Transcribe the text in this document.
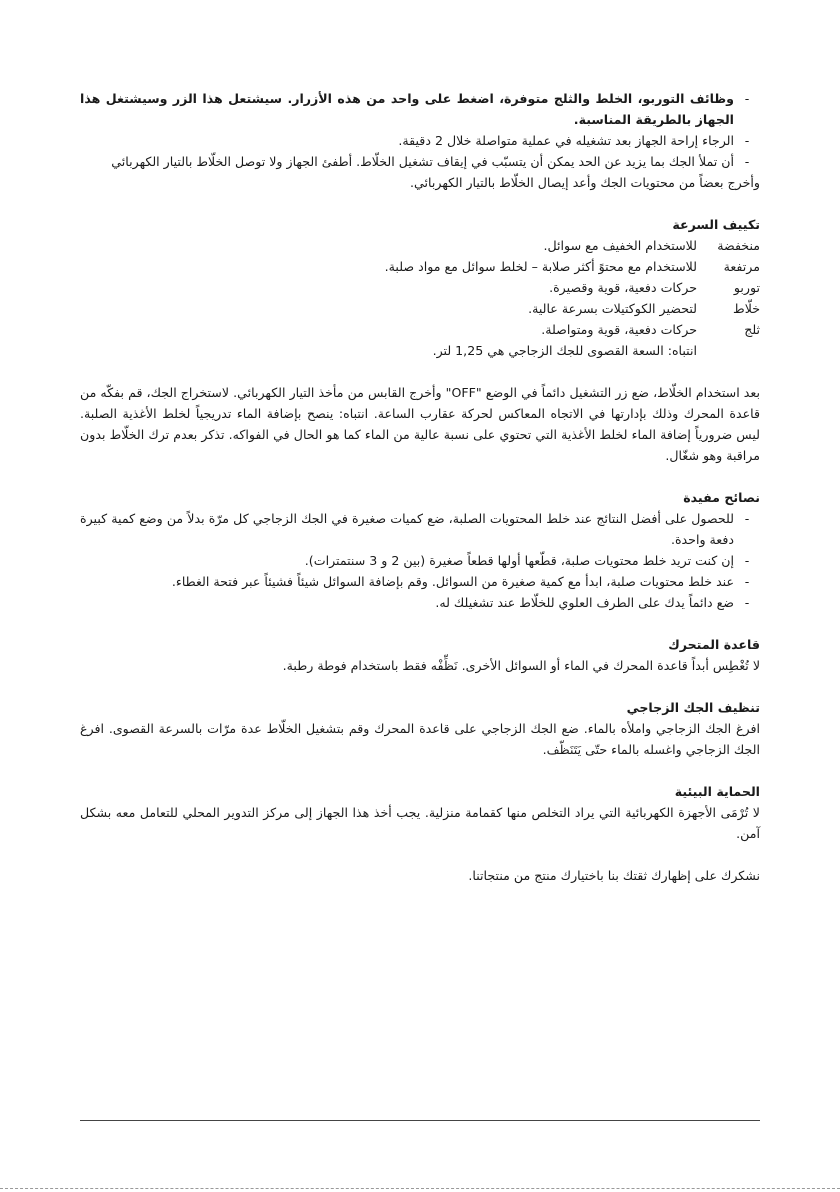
-
وظائف التوربو، الخلط والثلج متوفرة، اضغط على واحد من هذه الأزرار. سيشتعل هذا الزر وسيشتغل هذا الجهاز بالطريقة المناسبة.
-
الرجاء إراحة الجهاز بعد تشغيله في عملية متواصلة خلال 2 دقيقة.
-
أن تملأ الجك بما يزيد عن الحد يمكن أن يتسبّب في إيقاف تشغيل الخلّاط. أطفئ الجهاز ولا توصل الخلّاط بالتيار الكهربائي

وأخرج بعضاً من محتويات الجك وأعد إيصال الخلّاط بالتيار الكهربائي.

تكييف السرعة

منخفضة
للاستخدام الخفيف مع سوائل.
مرتفعة
للاستخدام مع محتوً أكثر صلابة – لخلط سوائل مع مواد صلبة.
توربو
حركات دفعية، قوية وقصيرة.
خلّاط
لتحضير الكوكتيلات بسرعة عالية.
ثلج
حركات دفعية، قوية ومتواصلة.
انتباه: السعة القصوى للجك الزجاجي هي 1,25 لتر.

بعد استخدام الخلّاط، ضع زر التشغيل دائماً في الوضع "OFF" وأخرج القابس من مأخذ التيار الكهربائي. لاستخراج الجك، قم بفكّه من قاعدة المحرك وذلك بإدارتها في الاتجاه المعاكس لحركة عقارب الساعة. انتباه: ينصح بإضافة الماء تدريجياً لخلط الأغذية الصلبة. ليس ضرورياً إضافة الماء لخلط الأغذية التي تحتوي على نسبة عالية من الماء كما هو الحال في الفواكه. تذكر بعدم ترك الخلّاط بدون مراقبة وهو شغّال.

نصائح مفيدة

-
للحصول على أفضل النتائج عند خلط المحتويات الصلبة، ضع كميات صغيرة في الجك الزجاجي كل مرّة بدلاً من وضع كمية كبيرة دفعة واحدة.
-
إن كنت تريد خلط محتويات صلبة، قطّعها أولها قطعاً صغيرة (بين 2 و 3 سنتمترات).
-
عند خلط محتويات صلبة، ابدأ مع كمية صغيرة من السوائل. وقم بإضافة السوائل شيئاً فشيئاً عبر فتحة الغطاء.
-
ضع دائماً يدك على الطرف العلوي للخلّاط عند تشغيلك له.

قاعدة المتحرك

لا تُغْطِس أبداً قاعدة المحرك في الماء أو السوائل الأخرى. نَظِّفْه فقط باستخدام فوطة رطبة.

تنظيف الجك الزجاجي

افرغ الجك الزجاجي واملأه بالماء. ضع الجك الزجاجي على قاعدة المحرك وقم بتشغيل الخلّاط عدة مرّات بالسرعة القصوى. افرغ الجك الزجاجي واغسله بالماء حتّى يَتَنَظّف.

الحماية البيئية

لا تُرْمَى الأجهزة الكهربائية التي يراد التخلص منها كقمامة منزلية. يجب أخذ هذا الجهاز إلى مركز التدوير المحلي للتعامل معه بشكل آمن.

نشكرك على إظهارك ثقتك بنا باختيارك منتج من منتجاتنا.
